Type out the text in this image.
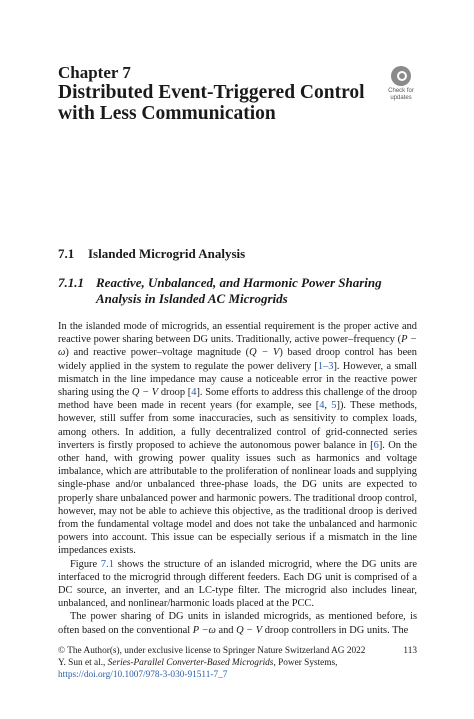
Chapter 7
Distributed Event-Triggered Control with Less Communication
Check for
updates
7.1 Islanded Microgrid Analysis
7.1.1 Reactive, Unbalanced, and Harmonic Power Sharing Analysis in Islanded AC Microgrids

In the islanded mode of microgrids, an essential requirement is the proper active and reactive power sharing between DG units. Traditionally, active power–frequency (P − ω) and reactive power–voltage magnitude (Q − V) based droop control has been widely applied in the system to regulate the power delivery [1–3]. However, a small mismatch in the line impedance may cause a noticeable error in the reactive power sharing using the Q − V droop [4]. Some efforts to address this challenge of the droop method have been made in recent years (for example, see [4, 5]). These methods, however, still suffer from some inaccuracies, such as sensitivity to complex loads, among others. In addition, a fully decentralized control of grid-connected series inverters is firstly proposed to achieve the autonomous power balance in [6]. On the other hand, with growing power quality issues such as harmonics and voltage imbalance, which are attributable to the proliferation of nonlinear loads and supplying single-phase and/or unbalanced three-phase loads, the DG units are expected to properly share unbalanced power and harmonic powers. The traditional droop control, however, may not be able to achieve this objective, as the traditional droop is derived from the fundamental voltage model and does not take the unbalanced and harmonic powers into account. This issue can be especially serious if a mismatch in the line impedances exists.

Figure 7.1 shows the structure of an islanded microgrid, where the DG units are interfaced to the microgrid through different feeders. Each DG unit is comprised of a DC source, an inverter, and an LC-type filter. The microgrid also includes linear, unbalanced, and nonlinear/harmonic loads placed at the PCC.

The power sharing of DG units in islanded microgrids, as mentioned before, is often based on the conventional P −ω and Q − V droop controllers in DG units. The

© The Author(s), under exclusive license to Springer Nature Switzerland AG 2022
Y. Sun et al., Series-Parallel Converter-Based Microgrids, Power Systems,
https://doi.org/10.1007/978-3-030-91511-7_7
113
